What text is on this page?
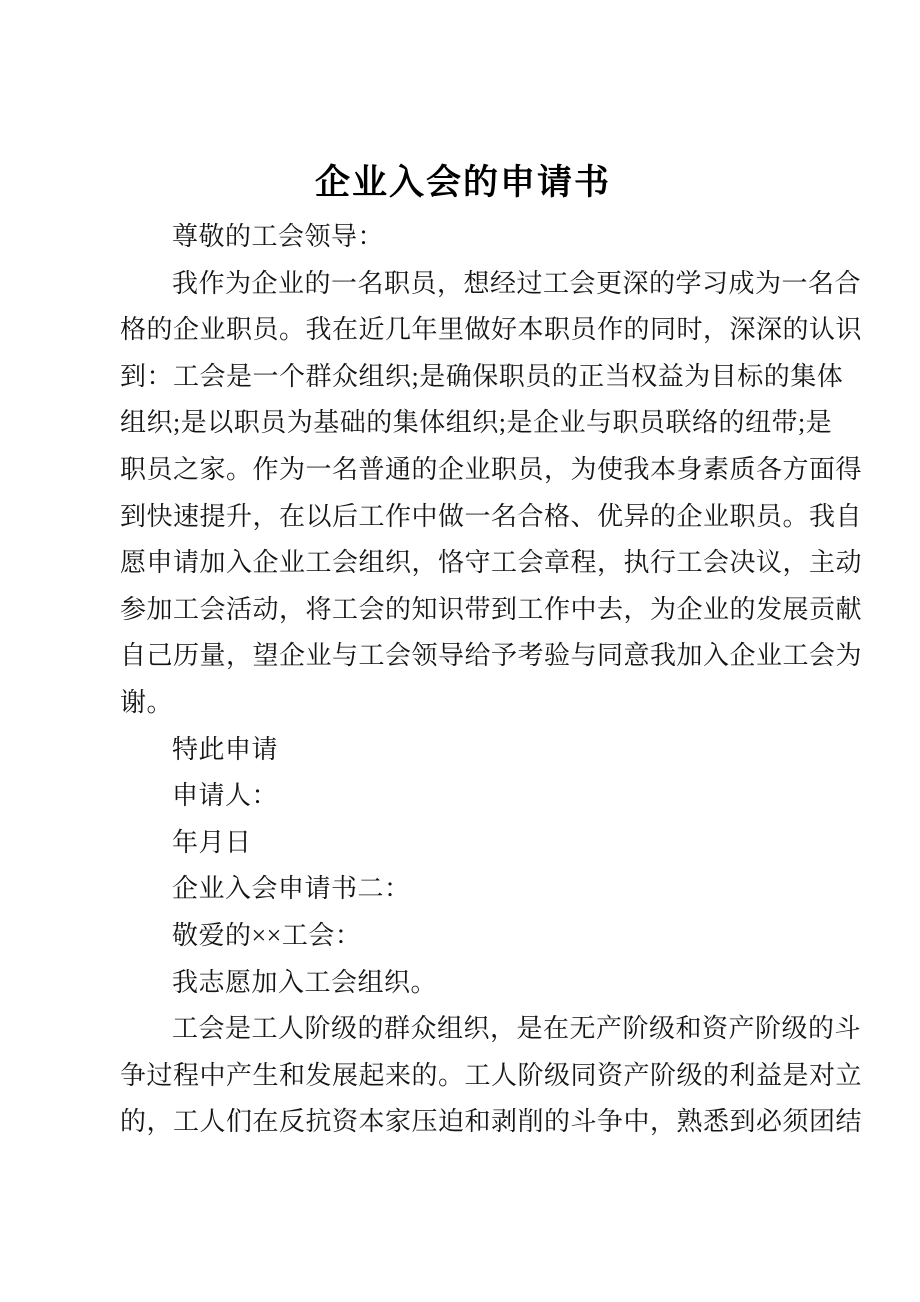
企业入会的申请书
尊敬的工会领导：
我作为企业的一名职员，想经过工会更深的学习成为一名合
格的企业职员。我在近几年里做好本职员作的同时，深深的认识
到：工会是一个群众组织;是确保职员的正当权益为目标的集体
组织;是以职员为基础的集体组织;是企业与职员联络的纽带;是
职员之家。作为一名普通的企业职员，为使我本身素质各方面得
到快速提升，在以后工作中做一名合格、优异的企业职员。我自
愿申请加入企业工会组织，恪守工会章程，执行工会决议，主动
参加工会活动，将工会的知识带到工作中去，为企业的发展贡献
自己历量，望企业与工会领导给予考验与同意我加入企业工会为
谢。
特此申请
申请人：
年月日
企业入会申请书二：
敬爱的××工会：
我志愿加入工会组织。
工会是工人阶级的群众组织，是在无产阶级和资产阶级的斗
争过程中产生和发展起来的。工人阶级同资产阶级的利益是对立
的，工人们在反抗资本家压迫和剥削的斗争中，熟悉到必须团结
